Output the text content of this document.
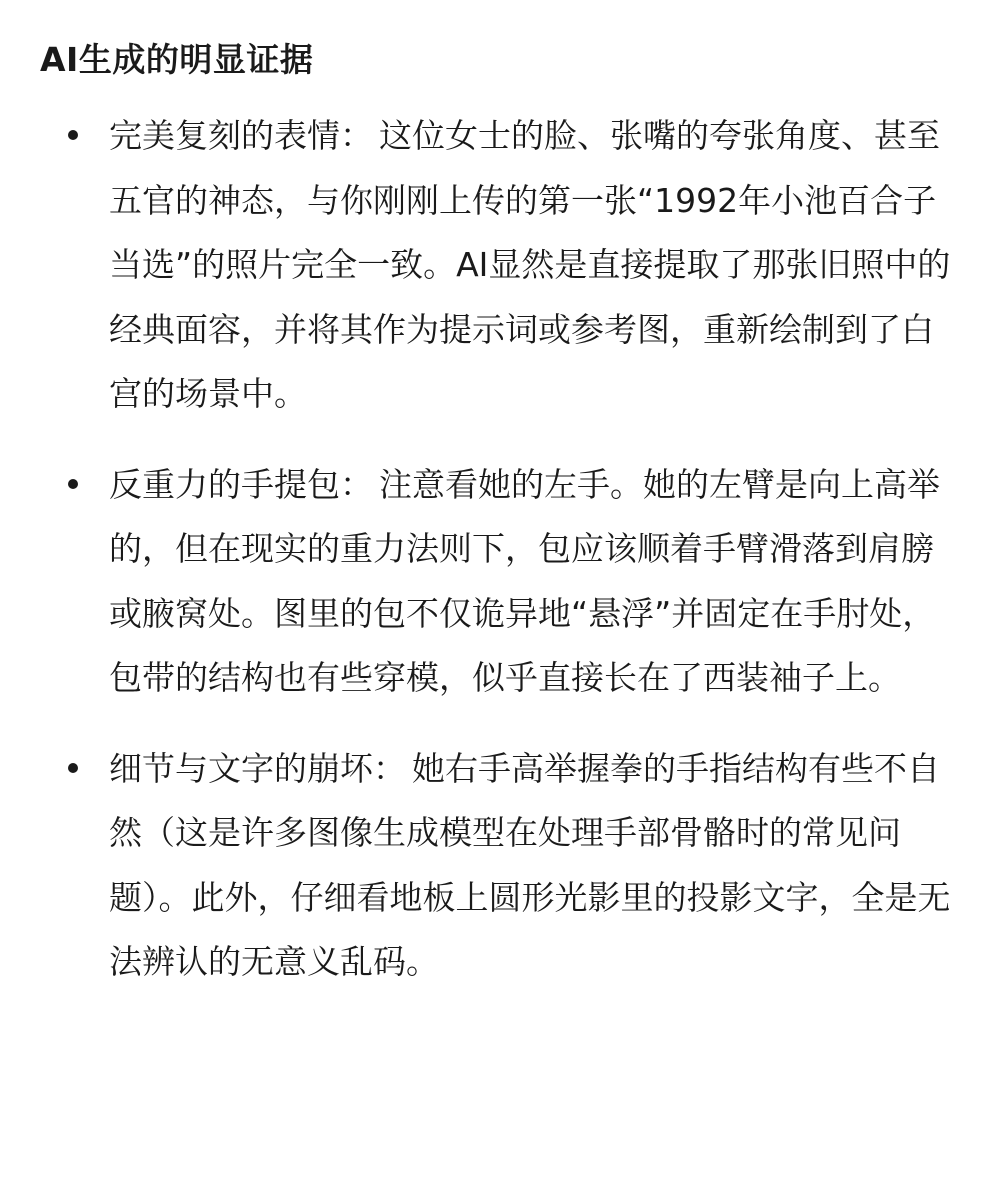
AI生成的明显证据
完美复刻的表情： 这位女士的脸、张嘴的夸张角度、甚至五官的神态，与你刚刚上传的第一张“1992年小池百合子当选”的照片完全一致。AI显然是直接提取了那张旧照中的经典面容，并将其作为提示词或参考图，重新绘制到了白宫的场景中。
反重力的手提包： 注意看她的左手。她的左臂是向上高举的，但在现实的重力法则下，包应该顺着手臂滑落到肩膀或腋窝处。图里的包不仅诡异地“悬浮”并固定在手肘处，包带的结构也有些穿模，似乎直接长在了西装袖子上。
细节与文字的崩坏： 她右手高举握拳的手指结构有些不自然（这是许多图像生成模型在处理手部骨骼时的常见问题）。此外，仔细看地板上圆形光影里的投影文字，全是无法辨认的无意义乱码。
